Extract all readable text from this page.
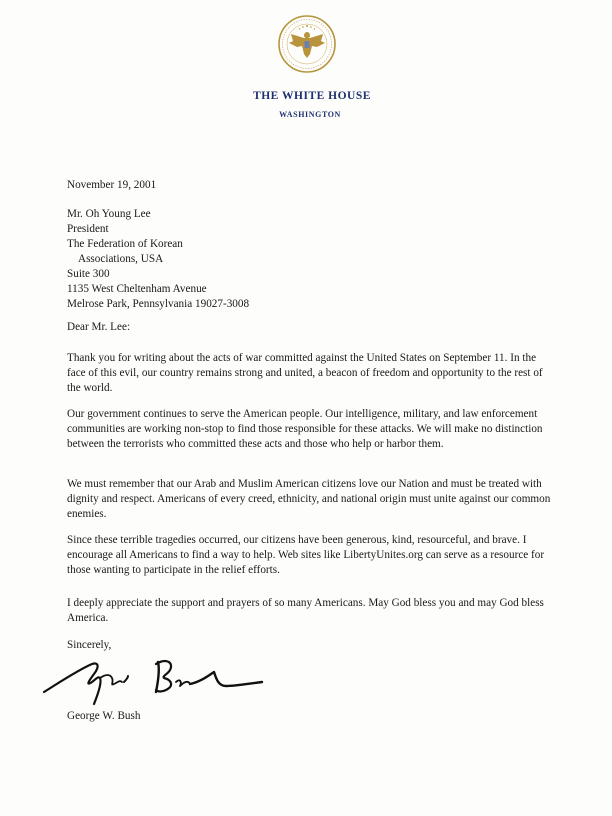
THE WHITE HOUSE
WASHINGTON
November 19, 2001
Mr. Oh Young Lee
President
The Federation of Korean
Associations, USA
Suite 300
1135 West Cheltenham Avenue
Melrose Park, Pennsylvania 19027-3008
Dear Mr. Lee:

Thank you for writing about the acts of war committed against the United States on September 11. In the face of this evil, our country remains strong and united, a beacon of freedom and opportunity to the rest of the world.

Our government continues to serve the American people. Our intelligence, military, and law enforcement communities are working non-stop to find those responsible for these attacks. We will make no distinction between the terrorists who committed these acts and those who help or harbor them.

We must remember that our Arab and Muslim American citizens love our Nation and must be treated with dignity and respect. Americans of every creed, ethnicity, and national origin must unite against our common enemies.

Since these terrible tragedies occurred, our citizens have been generous, kind, resourceful, and brave. I encourage all Americans to find a way to help. Web sites like LibertyUnites.org can serve as a resource for those wanting to participate in the relief efforts.

I deeply appreciate the support and prayers of so many Americans. May God bless you and may God bless America.

Sincerely,
George W. Bush
